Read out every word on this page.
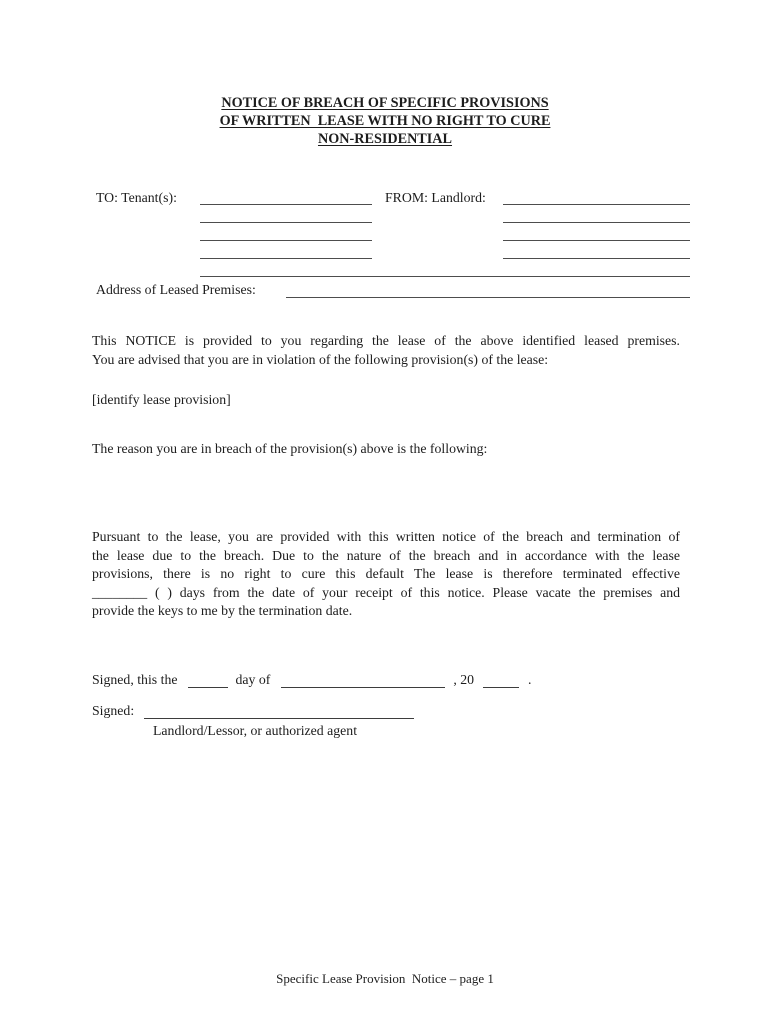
NOTICE OF BREACH OF SPECIFIC PROVISIONS
OF WRITTEN  LEASE WITH NO RIGHT TO CURE
NON-RESIDENTIAL
TO: Tenant(s):	FROM: Landlord:
Address of Leased Premises:
This NOTICE is provided to you regarding the lease of the above identified leased premises.
You are advised that you are in violation of the following provision(s) of the lease:
[identify lease provision]
The reason you are in breach of the provision(s) above is the following:
Pursuant to the lease, you are provided with this written notice of the breach and termination of
the lease due to the breach. Due to the nature of the breach and in accordance with the lease
provisions, there is no right to cure this default The lease is therefore terminated effective
________ ( ) days from the date of your receipt of this notice. Please vacate the premises and
provide the keys to me by the termination date.
Signed, this the	day of	, 20	.
Signed:
Landlord/Lessor, or authorized agent
Specific Lease Provision  Notice – page 1
